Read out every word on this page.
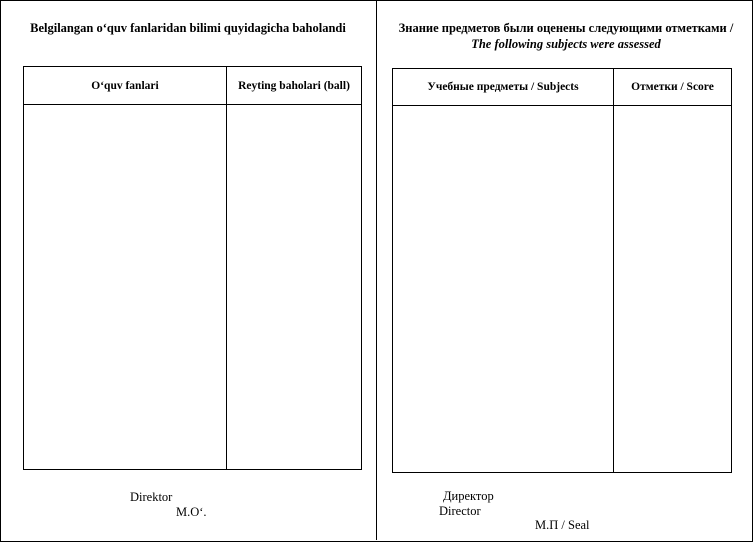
Belgilangan o‘quv fanlaridan bilimi quyidagicha baholandi
O‘quv fanlari	Reyting baholari (ball)
Direktor
M.O‘.
Знание предметов были оценены следующими отметками /
The following subjects were assessed
Учебные предметы / Subjects	Отметки / Score
Директор
Director
М.П / Seal
